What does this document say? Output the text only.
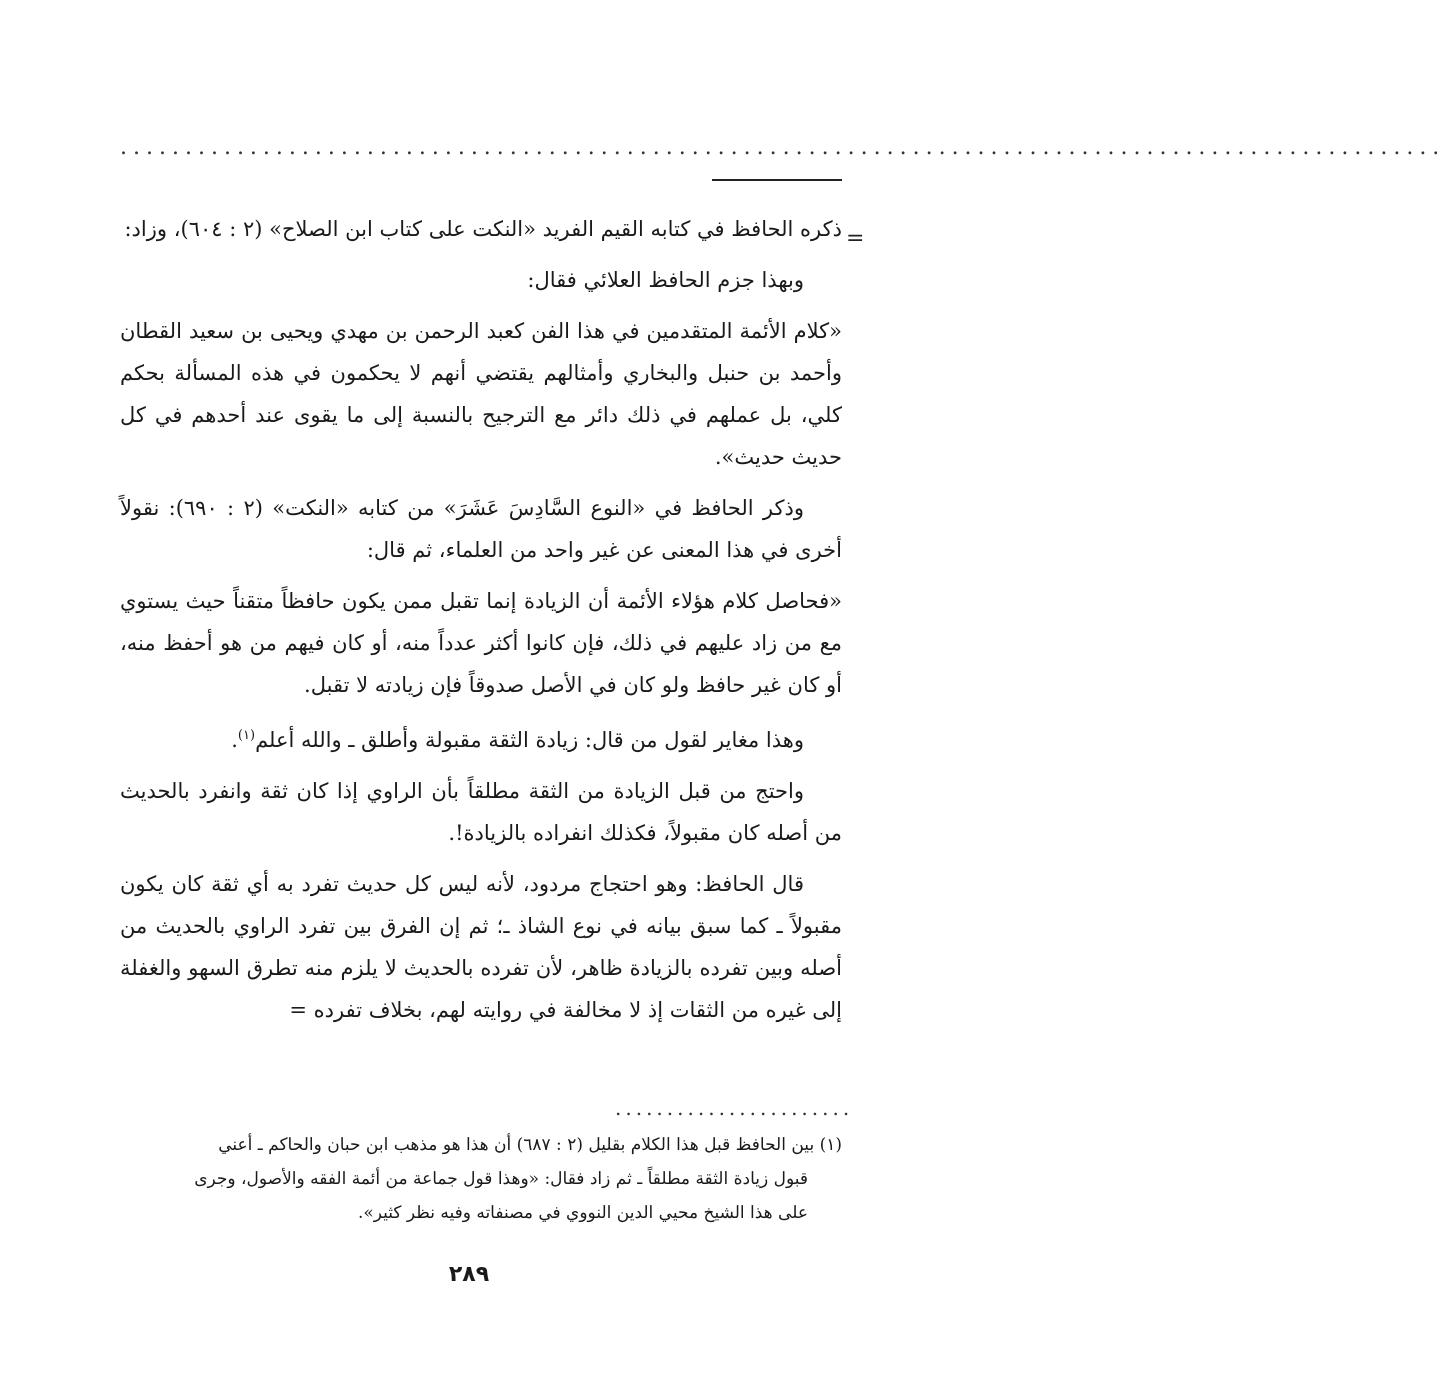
......................................................................................................
=

ذكره الحافظ في كتابه القيم الفريد «النكت على كتاب ابن الصلاح» (٢ : ٦٠٤)، وزاد:

وبهذا جزم الحافظ العلائي فقال:

«كلام الأئمة المتقدمين في هذا الفن كعبد الرحمن بن مهدي ويحيى بن سعيد القطان وأحمد بن حنبل والبخاري وأمثالهم يقتضي أنهم لا يحكمون في هذه المسألة بحكم كلي، بل عملهم في ذلك دائر مع الترجيح بالنسبة إلى ما يقوى عند أحدهم في كل حديث حديث».

وذكر الحافظ في «النوع السَّادِسَ عَشَرَ» من كتابه «النكت» (٢ : ٦٩٠): نقولاً أخرى في هذا المعنى عن غير واحد من العلماء، ثم قال:

«فحاصل كلام هؤلاء الأئمة أن الزيادة إنما تقبل ممن يكون حافظاً متقناً حيث يستوي مع من زاد عليهم في ذلك، فإن كانوا أكثر عدداً منه، أو كان فيهم من هو أحفظ منه، أو كان غير حافظ ولو كان في الأصل صدوقاً فإن زيادته لا تقبل.

وهذا مغاير لقول من قال: زيادة الثقة مقبولة وأطلق ـ والله أعلم$^{(١)}$.

واحتج من قبل الزيادة من الثقة مطلقاً بأن الراوي إذا كان ثقة وانفرد بالحديث من أصله كان مقبولاً، فكذلك انفراده بالزيادة!.

قال الحافظ: وهو احتجاج مردود، لأنه ليس كل حديث تفرد به أي ثقة كان يكون مقبولاً ـ كما سبق بيانه في نوع الشاذ ـ؛ ثم إن الفرق بين تفرد الراوي بالحديث من أصله وبين تفرده بالزيادة ظاهر، لأن تفرده بالحديث لا يلزم منه تطرق السهو والغفلة إلى غيره من الثقات إذ لا مخالفة في روايته لهم، بخلاف تفرده =

.......................

(١) بين الحافظ قبل هذا الكلام بقليل (٢ : ٦٨٧) أن هذا هو مذهب ابن حبان والحاكم ـ أعني

قبول زيادة الثقة مطلقاً ـ ثم زاد فقال: «وهذا قول جماعة من أئمة الفقه والأصول، وجرى

على هذا الشيخ محيي الدين النووي في مصنفاته وفيه نظر كثير».

٢٨٩
